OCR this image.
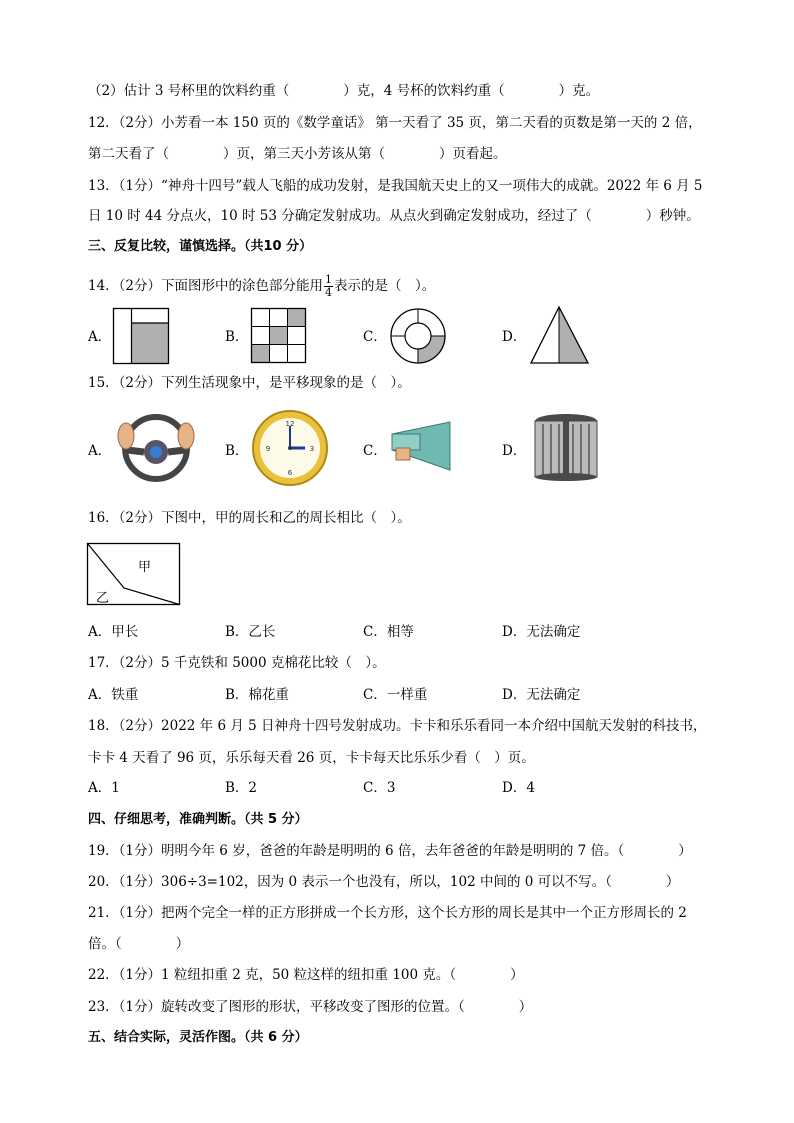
（2）估计 3 号杯里的饮料约重（　　　　）克，4 号杯的饮料约重（　　　　）克。
12．（2分）小芳看一本 150 页的《数学童话》 第一天看了 35 页，第二天看的页数是第一天的 2 倍，
第二天看了（　　　　）页，第三天小芳该从第（　　　　）页看起。
13．（1分）“神舟十四号”载人飞船的成功发射，是我国航天史上的又一项伟大的成就。2022 年 6 月 5
日 10 时 44 分点火，10 时 53 分确定发射成功。从点火到确定发射成功，经过了（　　　　）秒钟。
三、反复比较，谨慎选择。（共10 分）
14．（2分）下面图形中的涂色部分能用 $\frac{1}{4}$ 表示的是（　）。
A．	B．	C．	D．
15．（2分）下列生活现象中，是平移现象的是（　）。
A．	B．
12
3
6
9	C．	D．
16．（2分）下图中，甲的周长和乙的周长相比（　）。
甲
乙
A．甲长	B．乙长	C．相等	D．无法确定
17．（2分）5 千克铁和 5000 克棉花比较（　）。
A．铁重	B．棉花重	C．一样重	D．无法确定
18．（2分）2022 年 6 月 5 日神舟十四号发射成功。卡卡和乐乐看同一本介绍中国航天发射的科技书，
卡卡 4 天看了 96 页，乐乐每天看 26 页，卡卡每天比乐乐少看（　）页。
A．1	B．2	C．3	D．4
四、仔细思考，准确判断。（共 5 分）
19．（1分）明明今年 6 岁，爸爸的年龄是明明的 6 倍，去年爸爸的年龄是明明的 7 倍。（　　　　）
20．（1分）306÷3=102，因为 0 表示一个也没有，所以，102 中间的 0 可以不写。（　　　　）
21．（1分）把两个完全一样的正方形拼成一个长方形，这个长方形的周长是其中一个正方形周长的 2
倍。（　　　　）
22．（1分）1 粒纽扣重 2 克，50 粒这样的纽扣重 100 克。（　　　　）
23．（1分）旋转改变了图形的形状，平移改变了图形的位置。（　　　　）
五、结合实际，灵活作图。（共 6 分）
